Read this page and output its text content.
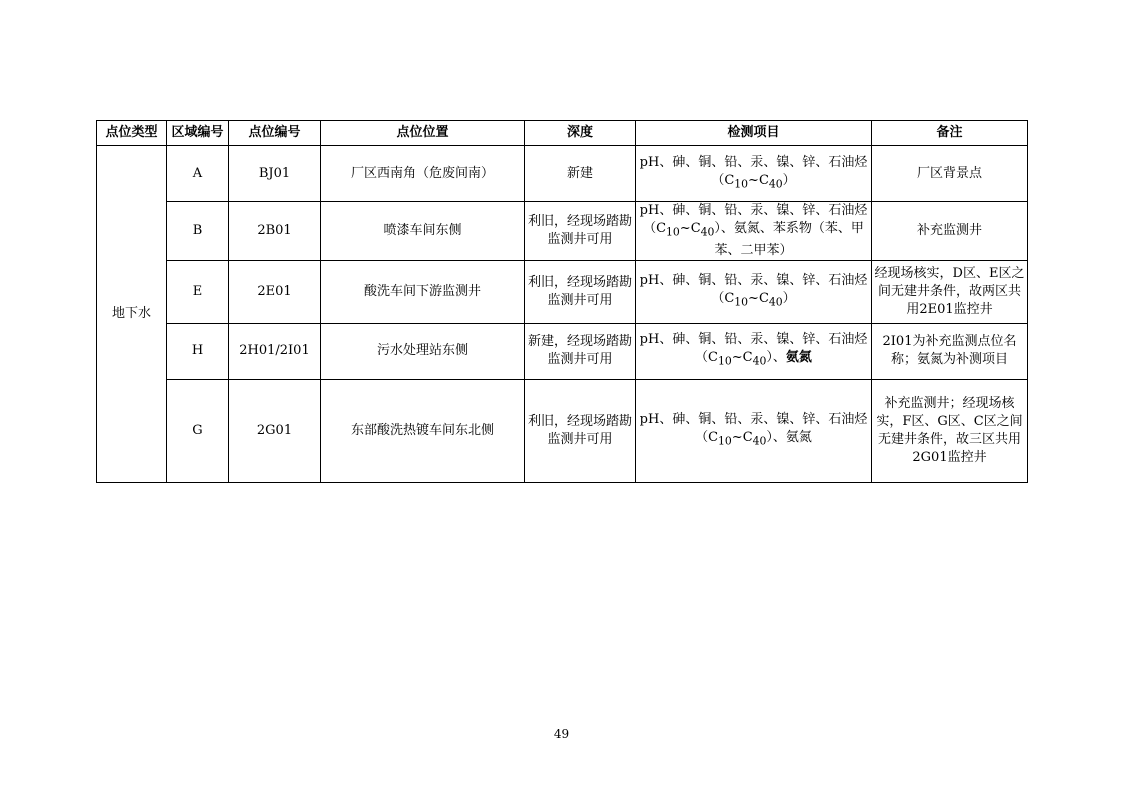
点位类型	区域编号	点位编号	点位位置	深度	检测项目	备注
地下水	A	BJ01	厂区西南角（危废间南）	新建	pH、砷、铜、铅、汞、镍、锌、石油烃$(C_{10}\sim C_{40})$	厂区背景点
	B	2B01	喷漆车间东侧	利旧，经现场踏勘监测井可用	pH、砷、铜、铅、汞、镍、锌、石油烃$(C_{10}\sim C_{40})$、氨氮、苯系物（苯、甲苯、二甲苯）	补充监测井
	E	2E01	酸洗车间下游监测井	利旧，经现场踏勘监测井可用	pH、砷、铜、铅、汞、镍、锌、石油烃$(C_{10}\sim C_{40})$	经现场核实，D区、E区之间无建井条件，故两区共用2E01监控井
	H	2H01/2I01	污水处理站东侧	新建，经现场踏勘监测井可用	pH、砷、铜、铅、汞、镍、锌、石油烃$(C_{10}\sim C_{40})$、氨氮	2I01为补充监测点位名称；氨氮为补测项目
	G	2G01	东部酸洗热镀车间东北侧	利旧，经现场踏勘监测井可用	pH、砷、铜、铅、汞、镍、锌、石油烃$(C_{10}\sim C_{40})$、氨氮	补充监测井；经现场核实，F区、G区、C区之间无建井条件，故三区共用2G01监控井
49
